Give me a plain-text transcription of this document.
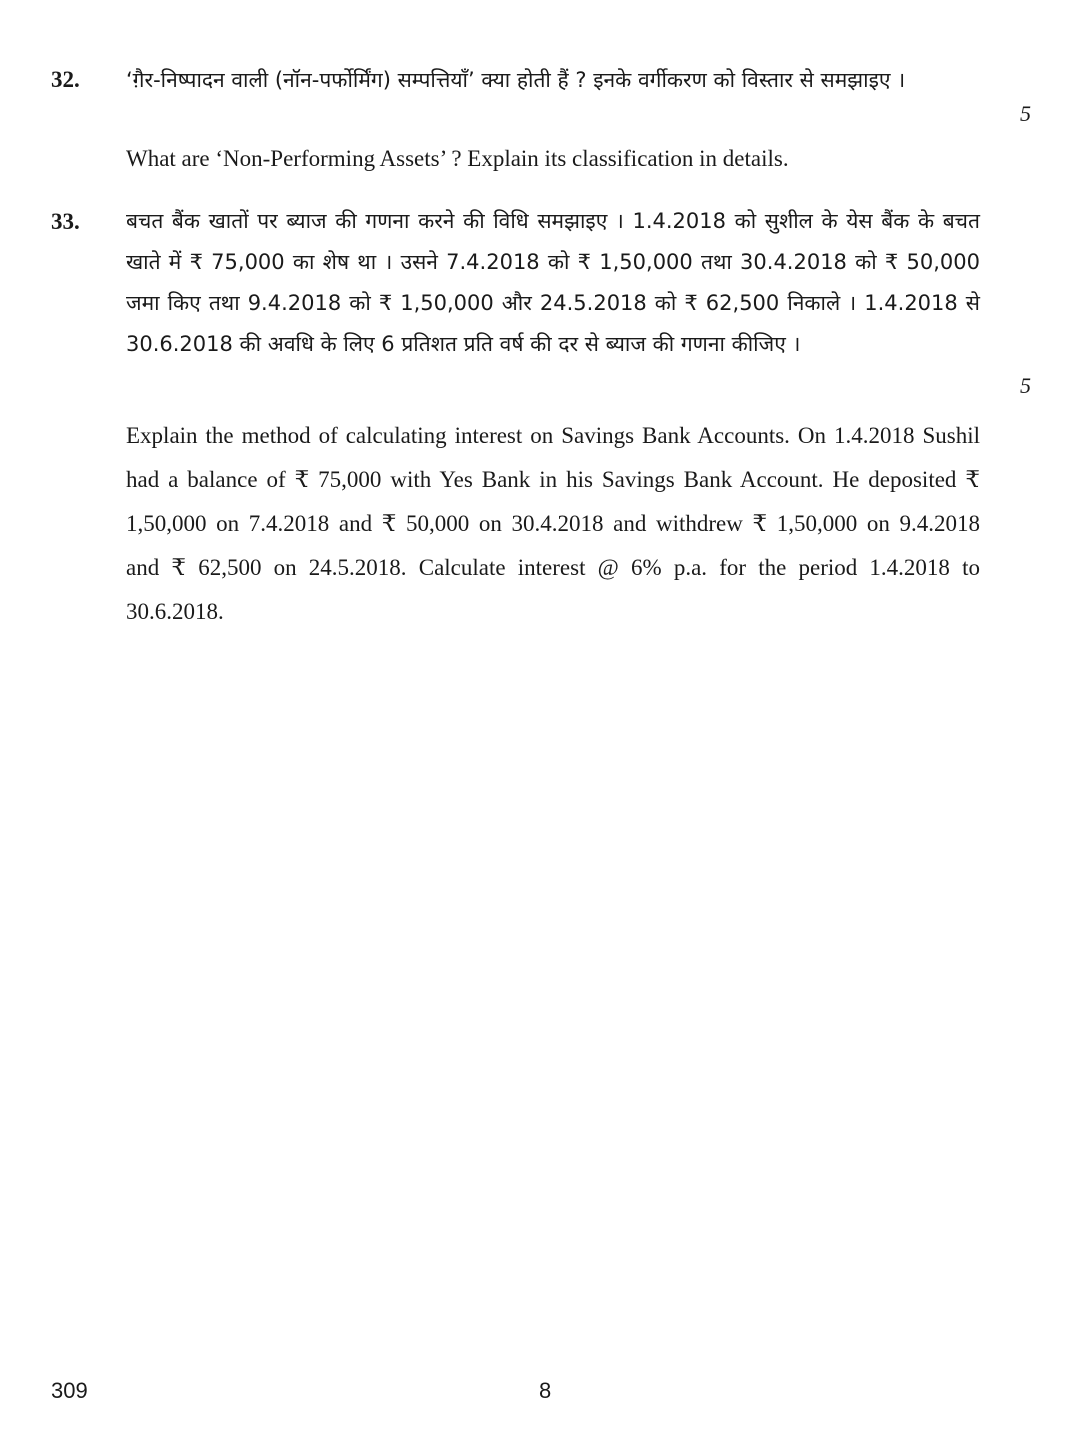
32. ‘ग़ैर-निष्पादन वाली (नॉन-पर्फोर्मिंग) सम्पत्तियाँ’ क्या होती हैं ? इनके वर्गीकरण को विस्तार से समझाइए ।
5
What are ‘Non-Performing Assets’ ? Explain its classification in details.
33. बचत बैंक खातों पर ब्याज की गणना करने की विधि समझाइए । 1.4.2018 को सुशील के येस बैंक के बचत खाते में ₹ 75,000 का शेष था । उसने 7.4.2018 को ₹ 1,50,000 तथा 30.4.2018 को ₹ 50,000 जमा किए तथा 9.4.2018 को ₹ 1,50,000 और 24.5.2018 को ₹ 62,500 निकाले । 1.4.2018 से 30.6.2018 की अवधि के लिए 6 प्रतिशत प्रति वर्ष की दर से ब्याज की गणना कीजिए ।
5
Explain the method of calculating interest on Savings Bank Accounts. On 1.4.2018 Sushil had a balance of ₹ 75,000 with Yes Bank in his Savings Bank Account. He deposited ₹ 1,50,000 on 7.4.2018 and ₹ 50,000 on 30.4.2018 and withdrew ₹ 1,50,000 on 9.4.2018 and ₹ 62,500 on 24.5.2018. Calculate interest @ 6% p.a. for the period 1.4.2018 to 30.6.2018.
309	8
